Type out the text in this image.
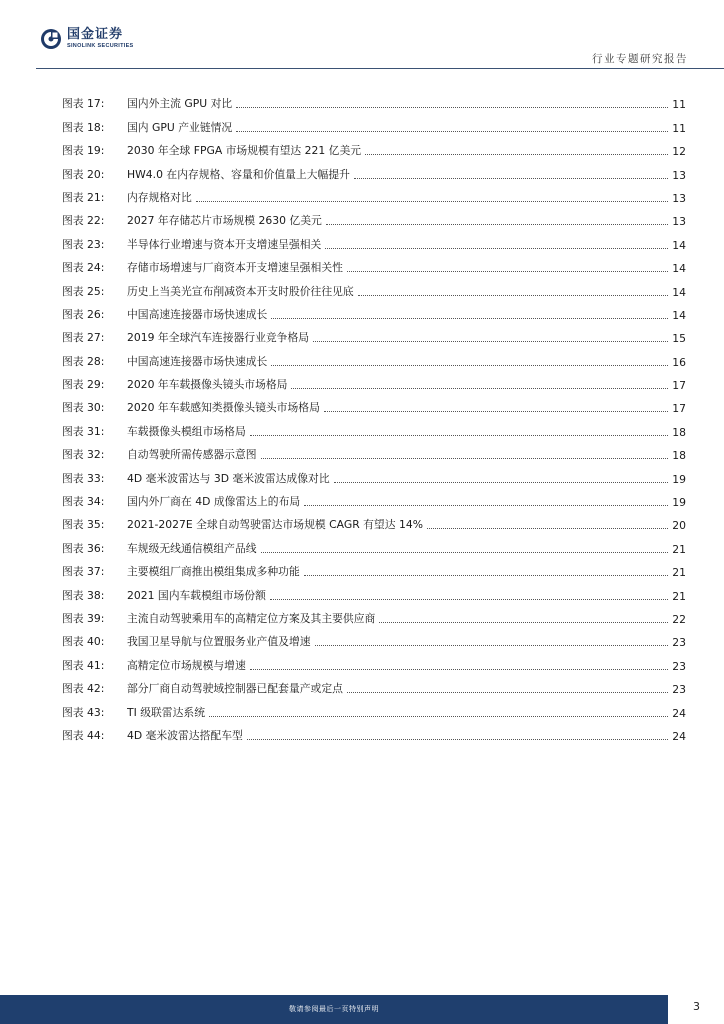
国金证券
SINOLINK SECURITIES
行业专题研究报告
图表 17:	国内外主流 GPU 对比	11
图表 18:	国内 GPU 产业链情况	11
图表 19:	2030 年全球 FPGA 市场规模有望达 221 亿美元	12
图表 20:	HW4.0 在内存规格、容量和价值量上大幅提升	13
图表 21:	内存规格对比	13
图表 22:	2027 年存储芯片市场规模 2630 亿美元	13
图表 23:	半导体行业增速与资本开支增速呈强相关	14
图表 24:	存储市场增速与厂商资本开支增速呈强相关性	14
图表 25:	历史上当美光宣布削减资本开支时股价往往见底	14
图表 26:	中国高速连接器市场快速成长	14
图表 27:	2019 年全球汽车连接器行业竞争格局	15
图表 28:	中国高速连接器市场快速成长	16
图表 29:	2020 年车载摄像头镜头市场格局	17
图表 30:	2020 年车载感知类摄像头镜头市场格局	17
图表 31:	车载摄像头模组市场格局	18
图表 32:	自动驾驶所需传感器示意图	18
图表 33:	4D 毫米波雷达与 3D 毫米波雷达成像对比	19
图表 34:	国内外厂商在 4D 成像雷达上的布局	19
图表 35:	2021-2027E 全球自动驾驶雷达市场规模 CAGR 有望达 14%	20
图表 36:	车规级无线通信模组产品线	21
图表 37:	主要模组厂商推出模组集成多种功能	21
图表 38:	2021 国内车载模组市场份额	21
图表 39:	主流自动驾驶乘用车的高精定位方案及其主要供应商	22
图表 40:	我国卫星导航与位置服务业产值及增速	23
图表 41:	高精定位市场规模与增速	23
图表 42:	部分厂商自动驾驶域控制器已配套量产或定点	23
图表 43:	TI 级联雷达系统	24
图表 44:	4D 毫米波雷达搭配车型	24
敬请参阅最后一页特别声明	3
